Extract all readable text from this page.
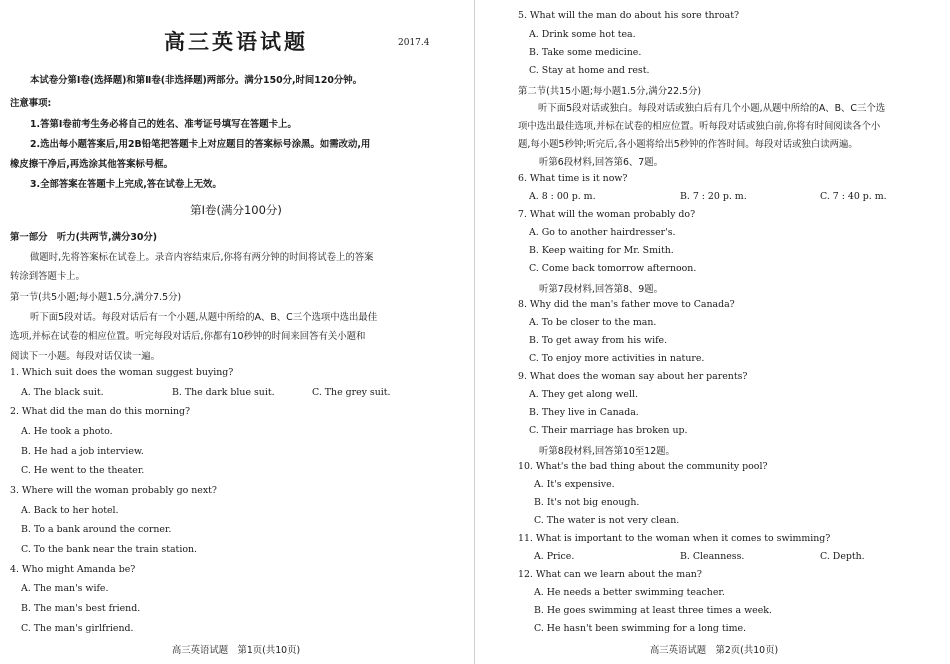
高三英语试题	2017.4
本试卷分第Ⅰ卷(选择题)和第Ⅱ卷(非选择题)两部分。满分150分,时间120分钟。
注意事项:
1.答第Ⅰ卷前考生务必将自己的姓名、准考证号填写在答题卡上。
2.选出每小题答案后,用2B铅笔把答题卡上对应题目的答案标号涂黑。如需改动,用
橡皮擦干净后,再选涂其他答案标号框。
3.全部答案在答题卡上完成,答在试卷上无效。
第Ⅰ卷(满分100分)
第一部分　听力(共两节,满分30分)
做题时,先将答案标在试卷上。录音内容结束后,你将有两分钟的时间将试卷上的答案
转涂到答题卡上。
第一节(共5小题;每小题1.5分,满分7.5分)
听下面5段对话。每段对话后有一个小题,从题中所给的A、B、C三个选项中选出最佳
选项,并标在试卷的相应位置。听完每段对话后,你都有10秒钟的时间来回答有关小题和
阅读下一小题。每段对话仅读一遍。
1. Which suit does the woman suggest buying?
A. The black suit.	B. The dark blue suit.	C. The grey suit.
2. What did the man do this morning?
A. He took a photo.
B. He had a job interview.
C. He went to the theater.
3. Where will the woman probably go next?
A. Back to her hotel.
B. To a bank around the corner.
C. To the bank near the train station.
4. Who might Amanda be?
A. The man's wife.
B. The man's best friend.
C. The man's girlfriend.
高三英语试题　第1页(共10页)
5. What will the man do about his sore throat?
A. Drink some hot tea.
B. Take some medicine.
C. Stay at home and rest.
第二节(共15小题;每小题1.5分,满分22.5分)
听下面5段对话或独白。每段对话或独白后有几个小题,从题中所给的A、B、C三个选
项中选出最佳选项,并标在试卷的相应位置。听每段对话或独白前,你将有时间阅读各个小
题,每小题5秒钟;听完后,各小题将给出5秒钟的作答时间。每段对话或独白读两遍。
听第6段材料,回答第6、7题。
6. What time is it now?
A. 8 : 00 p. m.	B. 7 : 20 p. m.	C. 7 : 40 p. m.
7. What will the woman probably do?
A. Go to another hairdresser's.
B. Keep waiting for Mr. Smith.
C. Come back tomorrow afternoon.
听第7段材料,回答第8、9题。
8. Why did the man's father move to Canada?
A. To be closer to the man.
B. To get away from his wife.
C. To enjoy more activities in nature.
9. What does the woman say about her parents?
A. They get along well.
B. They live in Canada.
C. Their marriage has broken up.
听第8段材料,回答第10至12题。
10. What's the bad thing about the community pool?
A. It's expensive.
B. It's not big enough.
C. The water is not very clean.
11. What is important to the woman when it comes to swimming?
A. Price.	B. Cleanness.	C. Depth.
12. What can we learn about the man?
A. He needs a better swimming teacher.
B. He goes swimming at least three times a week.
C. He hasn't been swimming for a long time.
高三英语试题　第2页(共10页)
